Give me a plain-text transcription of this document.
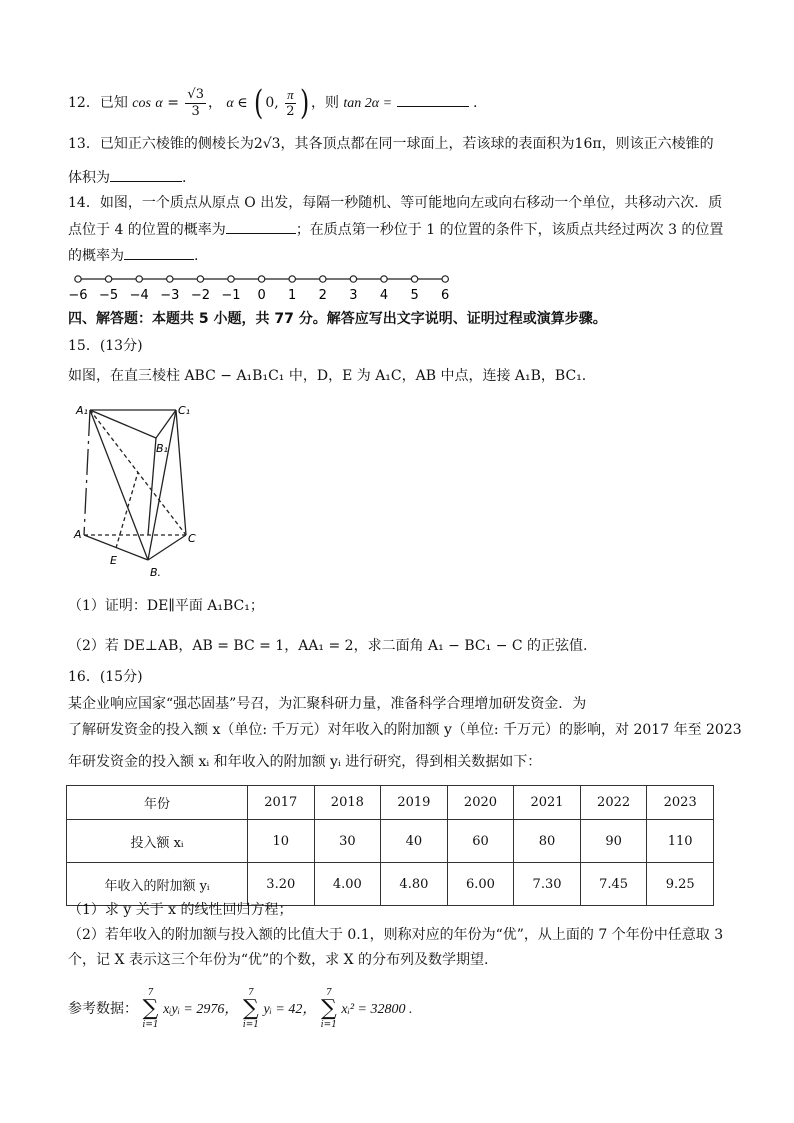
12．已知 $\cos \alpha = \frac{√3}{3}$ ， α ∈ ( 0, $\frac{\pi}{2}$ ) ，则 tan 2α =	.
13．已知正六棱锥的侧棱长为2√3，其各顶点都在同一球面上，若该球的表面积为16π，则该正六棱锥的
体积为	.
14．如图，一个质点从原点 O 出发，每隔一秒随机、等可能地向左或向右移动一个单位，共移动六次．质
点位于 4 的位置的概率为	；在质点第一秒位于 1 的位置的条件下，该质点共经过两次 3 的位置
的概率为	.
−6 −5 −4 −3 −2 −1 0 1 2 3 4 5 6
四、解答题：本题共 5 小题，共 77 分。解答应写出文字说明、证明过程或演算步骤。
15．(13分)
如图，在直三棱柱 ABC − A₁B₁C₁ 中，D，E 为 A₁C，AB 中点，连接 A₁B，BC₁.
A₁	C₁
B₁
A	C
E
B.
（1）证明：DE∥平面 A₁BC₁；
（2）若 DE⊥AB，AB = BC = 1，AA₁ = 2，求二面角 A₁ − BC₁ − C 的正弦值.
16．(15分)
某企业响应国家“强芯固基”号召，为汇聚科研力量，准备科学合理增加研发资金．为
了解研发资金的投入额 x（单位: 千万元）对年收入的附加额 y（单位: 千万元）的影响，对 2017 年至 2023
年研发资金的投入额 xᵢ 和年收入的附加额 yᵢ 进行研究，得到相关数据如下：
年份	2017	2018	2019	2020	2021	2022	2023
投入额 xᵢ	10	30	40	60	80	90	110
年收入的附加额 yᵢ	3.20	4.00	4.80	6.00	7.30	7.45	9.25
（1）求 y 关于 x 的线性回归方程；
（2）若年收入的附加额与投入额的比值大于 0.1，则称对应的年份为“优”，从上面的 7 个年份中任意取 3
个，记 X 表示这三个年份为“优”的个数，求 X 的分布列及数学期望.
参考数据：
7
∑
i=1
xᵢyᵢ = 2976，
7
∑
i=1
yᵢ = 42，
7
∑
i=1
xᵢ² = 32800 .
